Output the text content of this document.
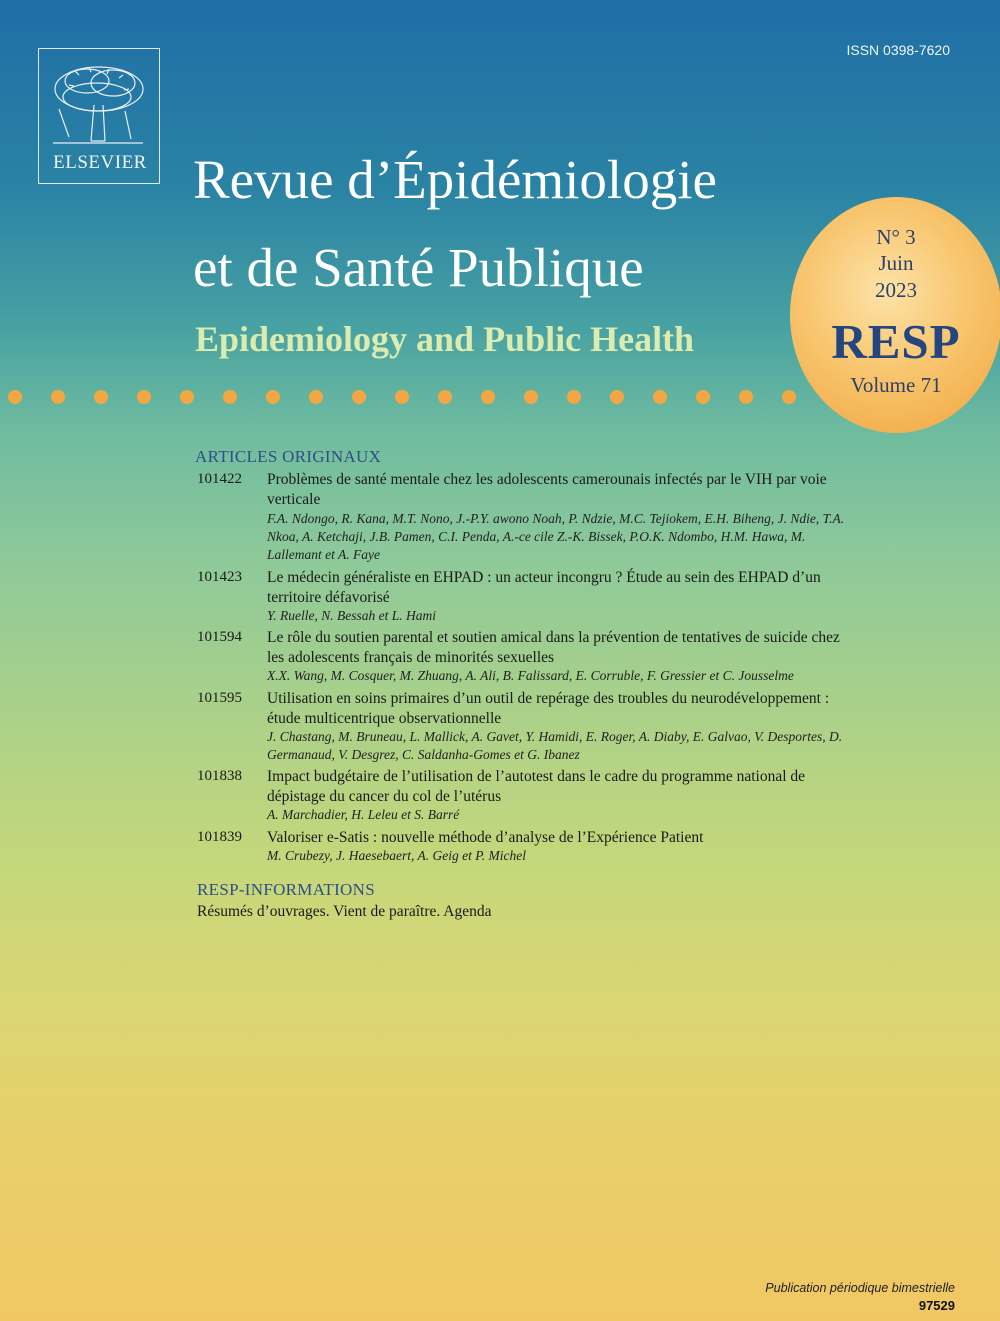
ELSEVIER
ISSN 0398-7620
Revue d’Épidémiologie
et de Santé Publique
Epidemiology and Public Health
N° 3
Juin
2023
RESP
Volume 71
ARTICLES ORIGINAUX
101422	Problèmes de santé mentale chez les adolescents camerounais infectés par le VIH par voie verticale
F.A. Ndongo, R. Kana, M.T. Nono, J.-P.Y. awono Noah, P. Ndzie, M.C. Tejiokem, E.H. Biheng, J. Ndie, T.A. Nkoa, A. Ketchaji, J.B. Pamen, C.I. Penda, A.-ce cile Z.-K. Bissek, P.O.K. Ndombo, H.M. Hawa, M. Lallemant et A. Faye
101423	Le médecin généraliste en EHPAD : un acteur incongru ? Étude au sein des EHPAD d’un territoire défavorisé
Y. Ruelle, N. Bessah et L. Hami
101594	Le rôle du soutien parental et soutien amical dans la prévention de tentatives de suicide chez les adolescents français de minorités sexuelles
X.X. Wang, M. Cosquer, M. Zhuang, A. Ali, B. Falissard, E. Corruble, F. Gressier et C. Jousselme
101595	Utilisation en soins primaires d’un outil de repérage des troubles du neurodéveloppement : étude multicentrique observationnelle
J. Chastang, M. Bruneau, L. Mallick, A. Gavet, Y. Hamidi, E. Roger, A. Diaby, E. Galvao, V. Desportes, D. Germanaud, V. Desgrez, C. Saldanha-Gomes et G. Ibanez
101838	Impact budgétaire de l’utilisation de l’autotest dans le cadre du programme national de dépistage du cancer du col de l’utérus
A. Marchadier, H. Leleu et S. Barré
101839	Valoriser e-Satis : nouvelle méthode d’analyse de l’Expérience Patient
M. Crubezy, J. Haesebaert, A. Geig et P. Michel
RESP-INFORMATIONS
Résumés d’ouvrages. Vient de paraître. Agenda
Publication périodique bimestrielle
97529
